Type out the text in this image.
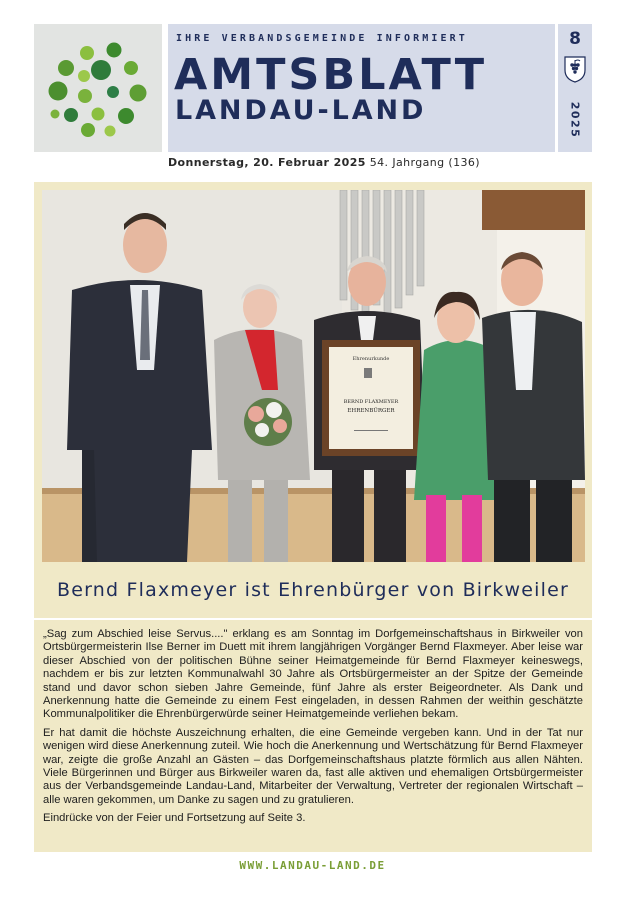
IHRE VERBANDSGEMEINDE INFORMIERT
AMTSBLATT
LANDAU-LAND
8
2025
Donnerstag, 20. Februar 2025 54. Jahrgang (136)
Ehrenurkunde
BERND FLAXMEYER
EHRENBÜRGER
Bernd Flaxmeyer ist Ehrenbürger von Birkweiler

„Sag zum Abschied leise Servus...." erklang es am Sonntag im Dorfgemeinschaftshaus in Birkweiler von Ortsbürgermeisterin Ilse Berner im Duett mit ihrem langjährigen Vorgänger Bernd Flaxmeyer. Aber leise war dieser Abschied von der politischen Bühne seiner Heimatgemeinde für Bernd Flaxmeyer keineswegs, nachdem er bis zur letzten Kommunalwahl 30 Jahre als Ortsbürgermeister an der Spitze der Gemeinde stand und davor schon sieben Jahre Gemeinde, fünf Jahre als erster Beigeordneter. Als Dank und Anerkennung hatte die Gemeinde zu einem Fest eingeladen, in dessen Rahmen der weithin geschätzte Kommunalpolitiker die Ehrenbürgerwürde seiner Heimatgemeinde verliehen bekam.

Er hat damit die höchste Auszeichnung erhalten, die eine Gemeinde vergeben kann. Und in der Tat nur wenigen wird diese Anerkennung zuteil. Wie hoch die Anerkennung und Wertschätzung für Bernd Flaxmeyer war, zeigte die große Anzahl an Gästen – das Dorfgemeinschaftshaus platzte förmlich aus allen Nähten. Viele Bürgerinnen und Bürger aus Birkweiler waren da, fast alle aktiven und ehemaligen Ortsbürgermeister aus der Verbandsgemeinde Landau-Land, Mitarbeiter der Verwaltung, Vertreter der regionalen Wirtschaft – alle waren gekommen, um Danke zu sagen und zu gratulieren.

Eindrücke von der Feier und Fortsetzung auf Seite 3.

WWW.LANDAU-LAND.DE
